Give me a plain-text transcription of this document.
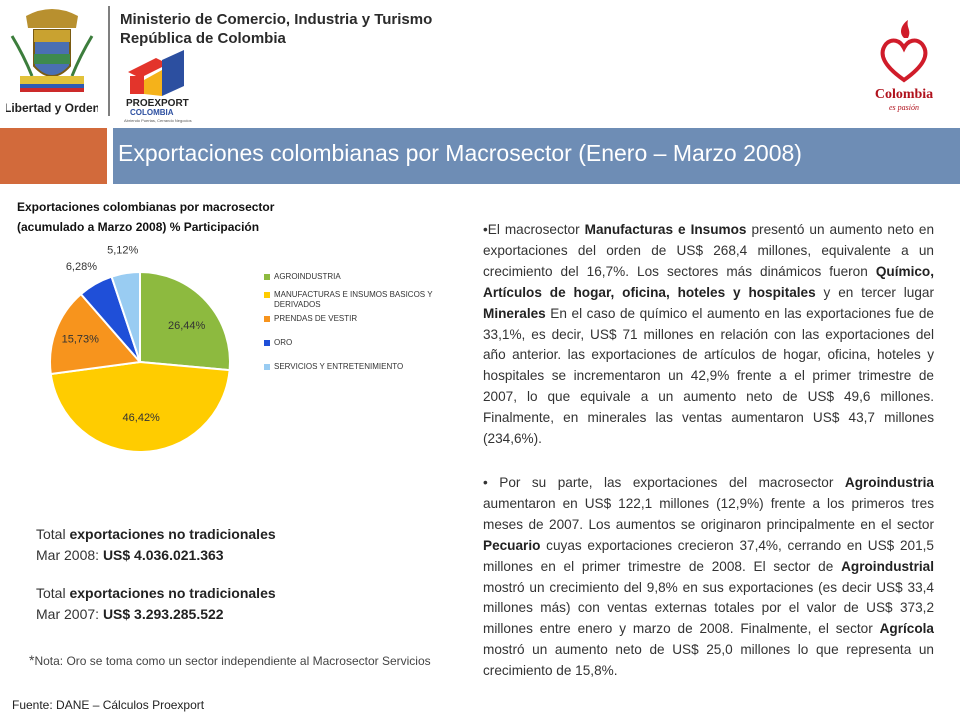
Libertad y Orden
Ministerio de Comercio, Industria y Turismo
República de Colombia
PROEXPORT
COLOMBIA
Abriendo Puertas, Cerrando Negocios
Colombia
es pasión
Exportaciones colombianas por Macrosector (Enero – Marzo 2008)
Exportaciones colombianas por macrosector
(acumulado a Marzo 2008) % Participación
26,44%
46,42%
15,73%
6,28%
5,12%
AGROINDUSTRIA
MANUFACTURAS E INSUMOS BASICOS Y DERIVADOS
PRENDAS DE VESTIR
ORO
SERVICIOS Y ENTRETENIMIENTO
Total exportaciones no tradicionales
Mar 2008: US$ 4.036.021.363
Total exportaciones no tradicionales
Mar 2007: US$ 3.293.285.522
*Nota: Oro se toma como un sector independiente al Macrosector Servicios
Fuente: DANE – Cálculos Proexport
•El macrosector Manufacturas e Insumos presentó un aumento neto en exportaciones del orden de US$ 268,4 millones, equivalente a un crecimiento del 16,7%. Los sectores más dinámicos fueron Químico, Artículos de hogar, oficina, hoteles y hospitales y en tercer lugar Minerales En el caso de químico el aumento en las exportaciones fue de 33,1%, es decir, US$ 71 millones en relación con las exportaciones del año anterior. las exportaciones de artículos de hogar, oficina, hoteles y hospitales se incrementaron un 42,9% frente a el primer trimestre de 2007, lo que equivale a un aumento neto de US$ 49,6 millones. Finalmente, en minerales las ventas aumentaron US$ 43,7 millones (234,6%).
• Por su parte, las exportaciones del macrosector Agroindustria aumentaron en US$ 122,1 millones (12,9%) frente a los primeros tres meses de 2007. Los aumentos se originaron principalmente en el sector Pecuario cuyas exportaciones crecieron 37,4%, cerrando en US$ 201,5 millones en el primer trimestre de 2008. El sector de Agroindustrial mostró un crecimiento del 9,8% en sus exportaciones (es decir US$ 33,4 millones más) con ventas externas totales por el valor de US$ 373,2 millones entre enero y marzo de 2008. Finalmente, el sector Agrícola mostró un aumento neto de US$ 25,0 millones lo que representa un crecimiento de 15,8%.
